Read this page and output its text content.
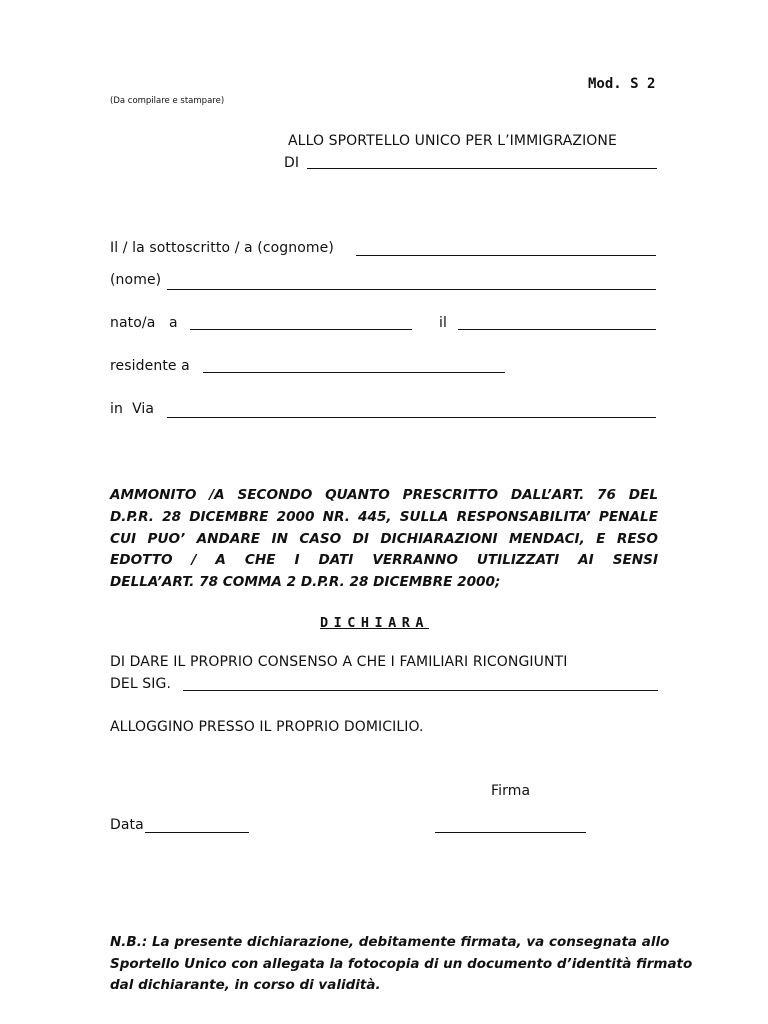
Mod. S 2
(Da compilare e stampare)
ALLO SPORTELLO UNICO PER L’IMMIGRAZIONE
DI
Il / la sottoscritto / a (cognome)
(nome)
nato/a   a	il
residente a
in  Via
AMMONITO /A SECONDO QUANTO PRESCRITTO DALL’ART. 76 DEL
D.P.R. 28 DICEMBRE 2000 NR. 445, SULLA RESPONSABILITA’ PENALE
CUI PUO’ ANDARE IN CASO DI DICHIARAZIONI MENDACI, E RESO
EDOTTO / A CHE I DATI VERRANNO UTILIZZATI AI SENSI
DELLA’ART. 78 COMMA 2 D.P.R. 28 DICEMBRE 2000;
DICHIARA
DI DARE IL PROPRIO CONSENSO A CHE I FAMILIARI RICONGIUNTI
DEL SIG.
ALLOGGINO PRESSO IL PROPRIO DOMICILIO.
Firma
Data
N.B.: La presente dichiarazione, debitamente firmata, va consegnata allo
Sportello Unico con allegata la fotocopia di un documento d’identità firmato
dal dichiarante, in corso di validità.
